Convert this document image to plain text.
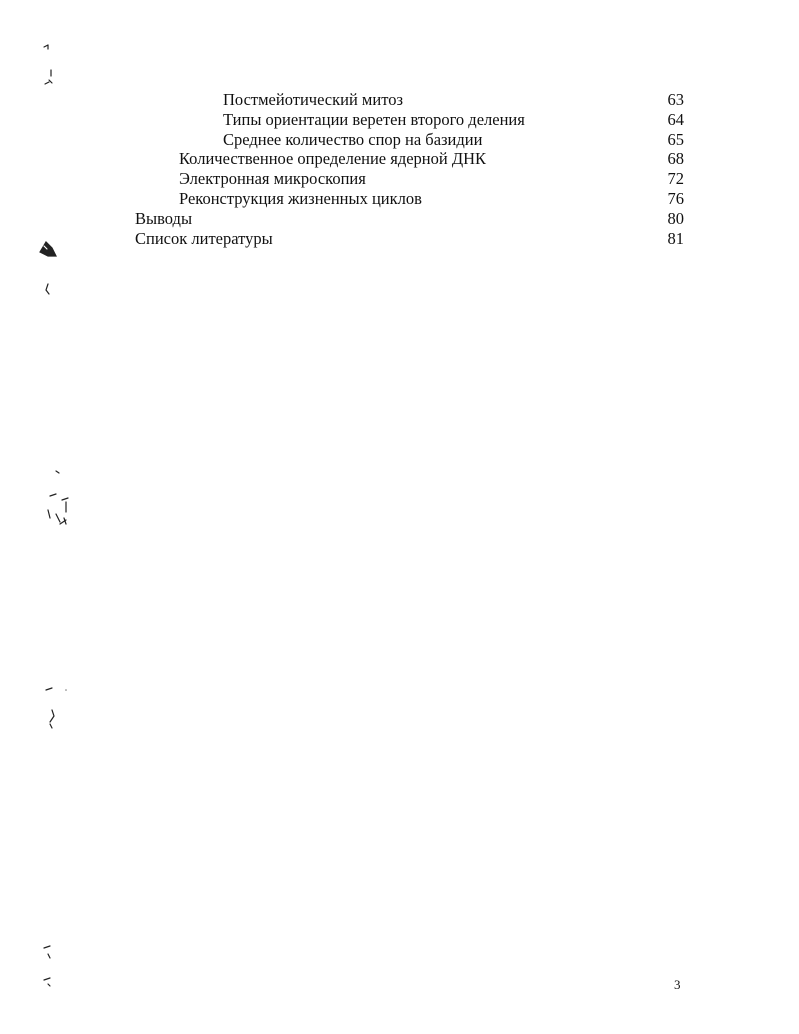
Постмейотический митоз	63
Типы ориентации веретен второго деления	64
Среднее количество спор на базидии	65
Количественное определение ядерной ДНК	68
Электронная микроскопия	72
Реконструкция жизненных циклов	76
Выводы	80
Список литературы	81
3
